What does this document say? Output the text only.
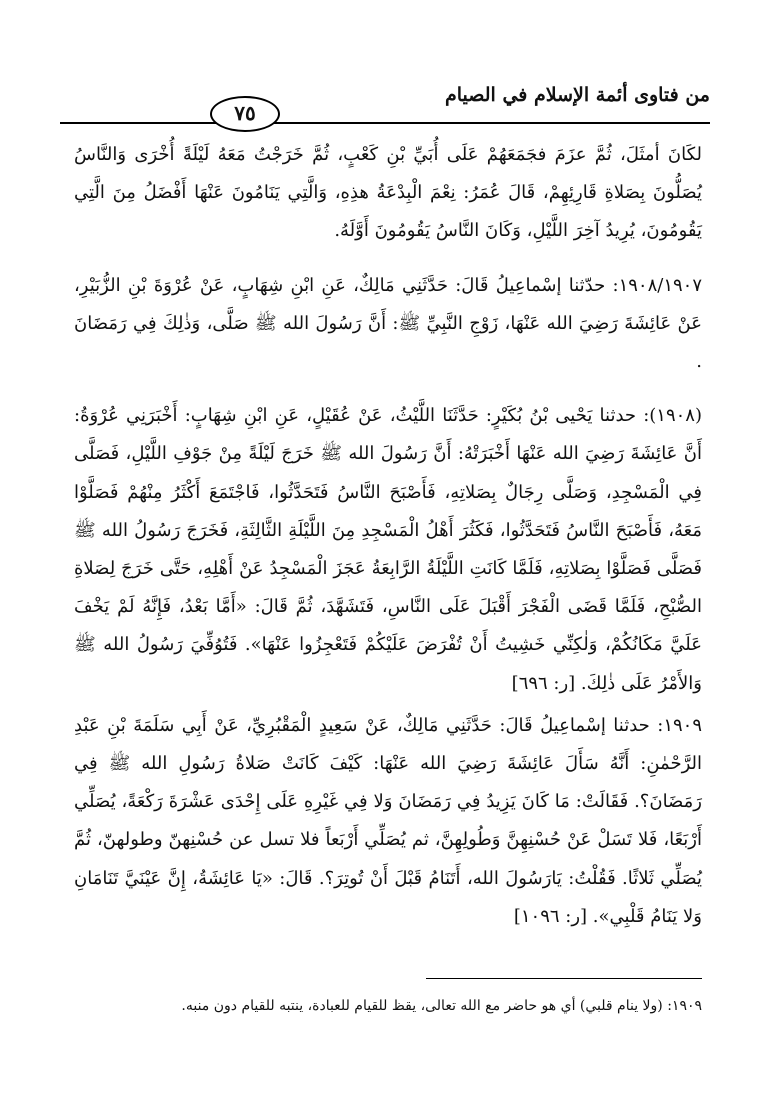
من فتاوى أئمة الإسلام في الصيام
٧٥

لكَانَ أمثَلَ، ثُمَّ عزَمَ فجَمَعَهُمْ عَلَى أُبَيِّ بْنِ كَعْبٍ، ثُمَّ خَرَجْتُ مَعَهُ لَيْلَةً أُخْرَى وَالنَّاسُ يُصَلُّونَ بِصَلاةِ قَارِئِهِمْ، قَالَ عُمَرُ: نِعْمَ الْبِدْعَةُ هذِهِ، وَالَّتِي يَنَامُونَ عَنْهَا أَفْضَلُ مِنَ الَّتِي يَقُومُونَ، يُرِيدُ آخِرَ اللَّيْلِ، وَكَانَ النَّاسُ يَقُومُونَ أَوَّلَهُ.

١٩٠٨/١٩٠٧: حدّثنا إسْماعِيلُ قَالَ: حَدَّثَنِي مَالِكٌ، عَنِ ابْنِ شِهَابٍ، عَنْ عُرْوَةَ بْنِ الزُّبَيْرِ، عَنْ عَائِشَةَ رَضِيَ الله عَنْهَا، زَوْجِ النَّبِيِّ ﷺ: أَنَّ رَسُولَ الله ﷺ صَلَّى، وَذٰلِكَ فِي رَمَضَانَ .

(١٩٠٨): حدثنا يَحْيى بْنُ بُكَيْرٍ: حَدَّثَنَا اللَّيْثُ، عَنْ عُقَيْلٍ، عَنِ ابْنِ شِهَابٍ: أَخْبَرَنِي عُرْوَةُ: أَنَّ عَائِشَةَ رَضِيَ الله عَنْهَا أَخْبَرَتْهُ: أَنَّ رَسُولَ الله ﷺ خَرَجَ لَيْلَةً مِنْ جَوْفِ اللَّيْلِ، فَصَلَّى فِي الْمَسْجِدِ، وَصَلَّى رِجَالٌ بِصَلاتِهِ، فَأَصْبَحَ النَّاسُ فَتَحَدَّثُوا، فَاجْتَمَعَ أَكْثَرُ مِنْهُمْ فَصَلَّوْا مَعَهُ، فَأَصْبَحَ النَّاسُ فَتَحَدَّثُوا، فَكَثُرَ أَهْلُ الْمَسْجِدِ مِنَ اللَّيْلَةِ الثَّالِثَةِ، فَخَرَجَ رَسُولُ الله ﷺ فَصَلَّى فَصَلَّوْا بِصَلاتِهِ، فَلَمَّا كَانَتِ اللَّيْلَةُ الرَّابِعَةُ عَجَزَ الْمَسْجِدُ عَنْ أَهْلِهِ، حَتَّى خَرَجَ لِصَلاةِ الصُّبْحِ، فَلَمَّا قَضَى الْفَجْرَ أَقْبَلَ عَلَى النَّاسِ، فَتَشَهَّدَ، ثُمَّ قَالَ: «أَمَّا بَعْدُ، فَإِنَّهُ لَمْ يَخْفَ عَلَيَّ مَكَانُكُمْ، وَلٰكِنِّي خَشِيتُ أَنْ تُفْرَضَ عَلَيْكُمْ فَتَعْجِزُوا عَنْهَا». فَتُوُفِّيَ رَسُولُ الله ﷺ وَالأَمْرُ عَلَى ذٰلِكَ. [ر: ٦٩٦]

١٩٠٩: حدثنا إسْماعِيلُ قَالَ: حَدَّثَنِي مَالِكٌ، عَنْ سَعِيدٍ الْمَقْبُرِيِّ، عَنْ أَبِي سَلَمَةَ بْنِ عَبْدِ الرَّحْمٰنِ: أَنَّهُ سَأَلَ عَائِشَةَ رَضِيَ الله عَنْهَا: كَيْفَ كَانَتْ صَلاةُ رَسُولِ الله ﷺ فِي رَمَضَانَ؟. فَقَالَتْ: مَا كَانَ يَزِيدُ فِي رَمَضَانَ وَلا فِي غَيْرِهِ عَلَى إِحْدَى عَشْرَةَ رَكْعَةً، يُصَلِّي أَرْبَعًا، فَلا تَسَلْ عَنْ حُسْنِهِنَّ وَطُولِهِنَّ، ثم يُصَلِّي أَرْبَعاً فلا تسل عن حُسْنِهنّ وطولهنّ، ثُمَّ يُصَلِّي ثَلاثًا. فَقُلْتُ: يَارَسُولَ الله، أَتَنَامُ قَبْلَ أَنْ تُوتِرَ؟. قَالَ: «يَا عَائِشَةُ، إِنَّ عَيْنَيَّ تَنَامَانِ وَلا يَنَامُ قَلْبِي». [ر: ١٠٩٦]

١٩٠٩: (ولا ينام قلبي) أي هو حاضر مع الله تعالى، يقظ للقيام للعبادة، ينتبه للقيام دون منبه.
